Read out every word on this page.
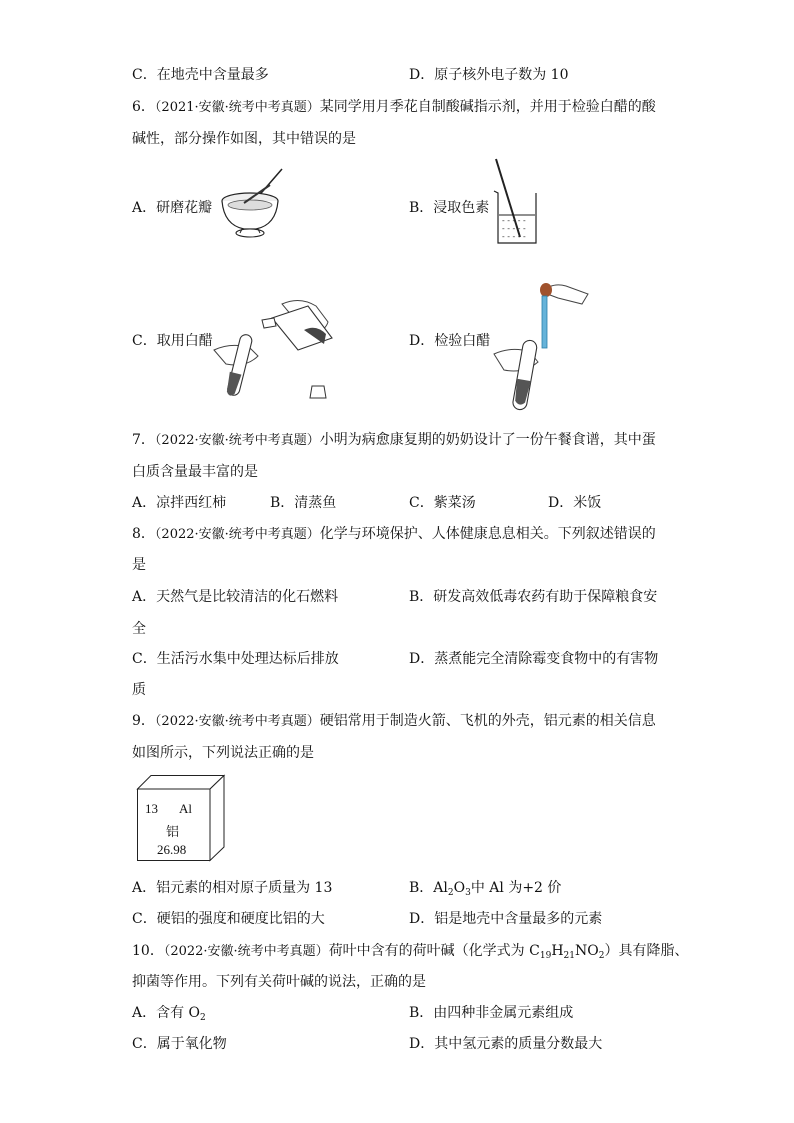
C．在地壳中含量最多	D．原子核外电子数为 10
6．（2021·安徽·统考中考真题）某同学用月季花自制酸碱指示剂，并用于检验白醋的酸
碱性，部分操作如图，其中错误的是
A．研磨花瓣	B．浸取色素
- - - - -
- - - - -
- - - - -
C．取用白醋	D．检验白醋
7．（2022·安徽·统考中考真题）小明为病愈康复期的奶奶设计了一份午餐食谱，其中蛋
白质含量最丰富的是
A．凉拌西红柿	B．清蒸鱼	C．紫菜汤	D．米饭
8．（2022·安徽·统考中考真题）化学与环境保护、人体健康息息相关。下列叙述错误的
是
A．天然气是比较清洁的化石燃料	B．研发高效低毒农药有助于保障粮食安
全
C．生活污水集中处理达标后排放	D．蒸煮能完全清除霉变食物中的有害物
质
9．（2022·安徽·统考中考真题）硬铝常用于制造火箭、飞机的外壳，铝元素的相关信息
如图所示，下列说法正确的是
13 Al
铝
26.98
A．铝元素的相对原子质量为 13	B．$Al_2O_3$中 Al 为+2 价
C．硬铝的强度和硬度比铝的大	D．铝是地壳中含量最多的元素
10．（2022·安徽·统考中考真题）荷叶中含有的荷叶碱（化学式为 $C_{19}H_{21}NO_2$）具有降脂、
抑菌等作用。下列有关荷叶碱的说法，正确的是
A．含有 $O_2$	B．由四种非金属元素组成
C．属于氧化物	D．其中氢元素的质量分数最大
